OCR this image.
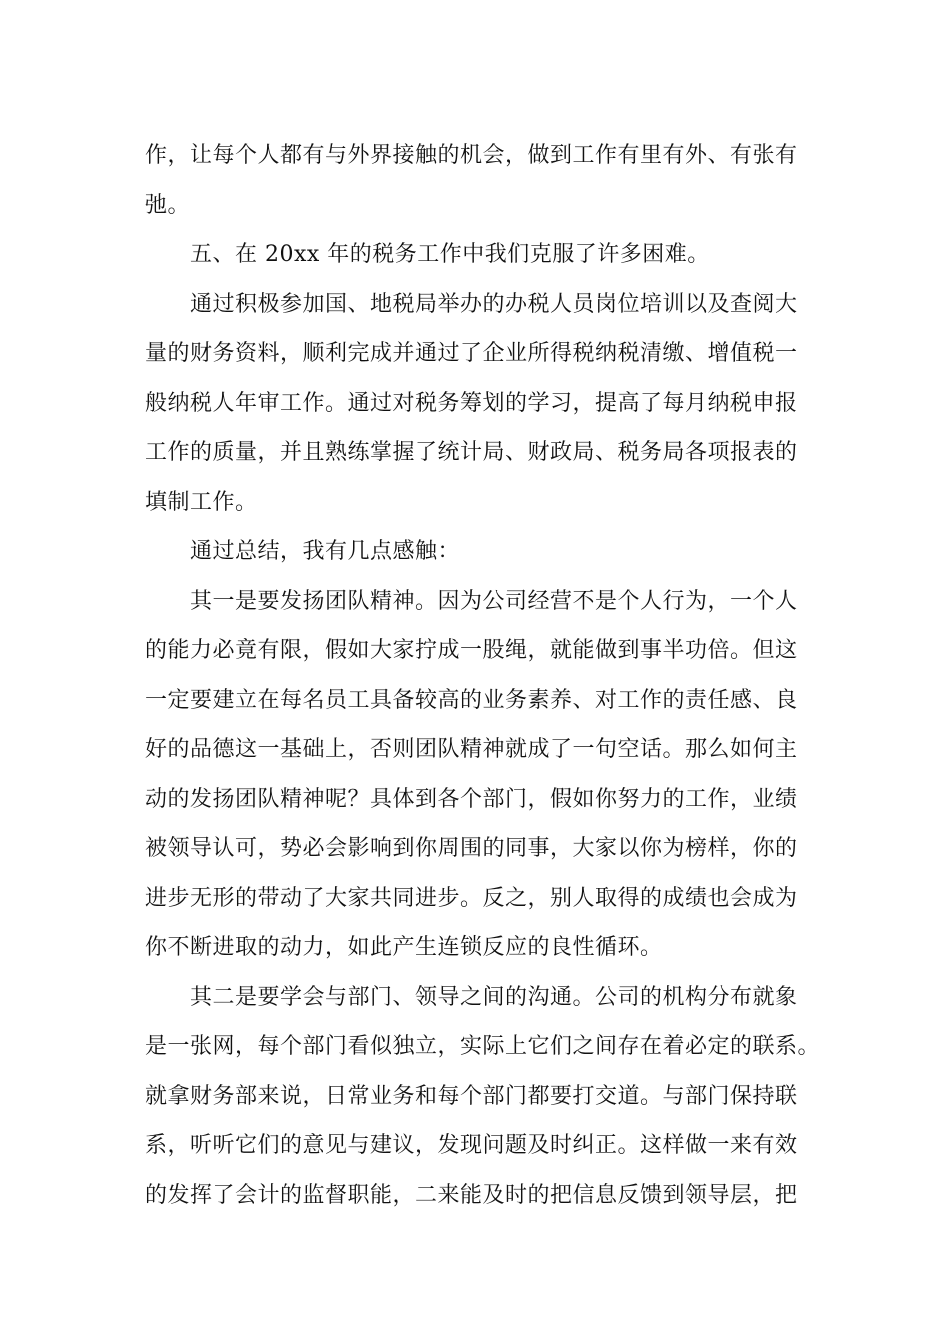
作，让每个人都有与外界接触的机会，做到工作有里有外、有张有
弛。
五、在 20xx 年的税务工作中我们克服了许多困难。
通过积极参加国、地税局举办的办税人员岗位培训以及查阅大
量的财务资料，顺利完成并通过了企业所得税纳税清缴、增值税一
般纳税人年审工作。通过对税务筹划的学习，提高了每月纳税申报
工作的质量，并且熟练掌握了统计局、财政局、税务局各项报表的
填制工作。
通过总结，我有几点感触：
其一是要发扬团队精神。因为公司经营不是个人行为，一个人
的能力必竟有限，假如大家拧成一股绳，就能做到事半功倍。但这
一定要建立在每名员工具备较高的业务素养、对工作的责任感、良
好的品德这一基础上，否则团队精神就成了一句空话。那么如何主
动的发扬团队精神呢？具体到各个部门，假如你努力的工作，业绩
被领导认可，势必会影响到你周围的同事，大家以你为榜样，你的
进步无形的带动了大家共同进步。反之，别人取得的成绩也会成为
你不断进取的动力，如此产生连锁反应的良性循环。
其二是要学会与部门、领导之间的沟通。公司的机构分布就象
是一张网，每个部门看似独立，实际上它们之间存在着必定的联系。
就拿财务部来说，日常业务和每个部门都要打交道。与部门保持联
系，听听它们的意见与建议，发现问题及时纠正。这样做一来有效
的发挥了会计的监督职能，二来能及时的把信息反馈到领导层，把
